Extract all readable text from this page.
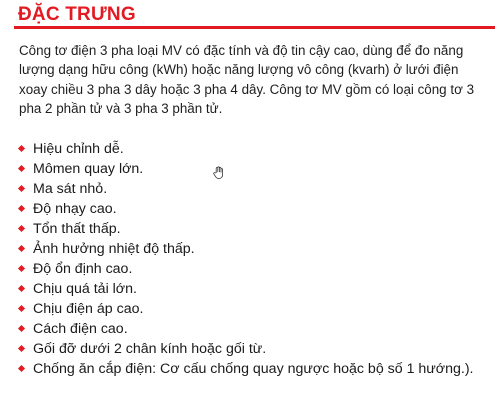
ĐẶC TRƯNG

Công tơ điện 3 pha loại MV có đặc tính và độ tin cậy cao, dùng để đo năng lượng dạng hữu công (kWh) hoặc năng lượng vô công (kvarh) ở lưới điện xoay chiều 3 pha 3 dây hoặc 3 pha 4 dây. Công tơ MV gồm có loại công tơ 3 pha 2 phần tử và 3 pha 3 phần tử.

Hiệu chỉnh dễ.
Mômen quay lớn.
Ma sát nhỏ.
Độ nhạy cao.
Tổn thất thấp.
Ảnh hưởng nhiệt độ thấp.
Độ ổn định cao.
Chịu quá tải lớn.
Chịu điện áp cao.
Cách điện cao.
Gối đỡ dưới 2 chân kính hoặc gối từ.
Chống ăn cắp điện: Cơ cấu chống quay ngược hoặc bộ số 1 hướng.).
